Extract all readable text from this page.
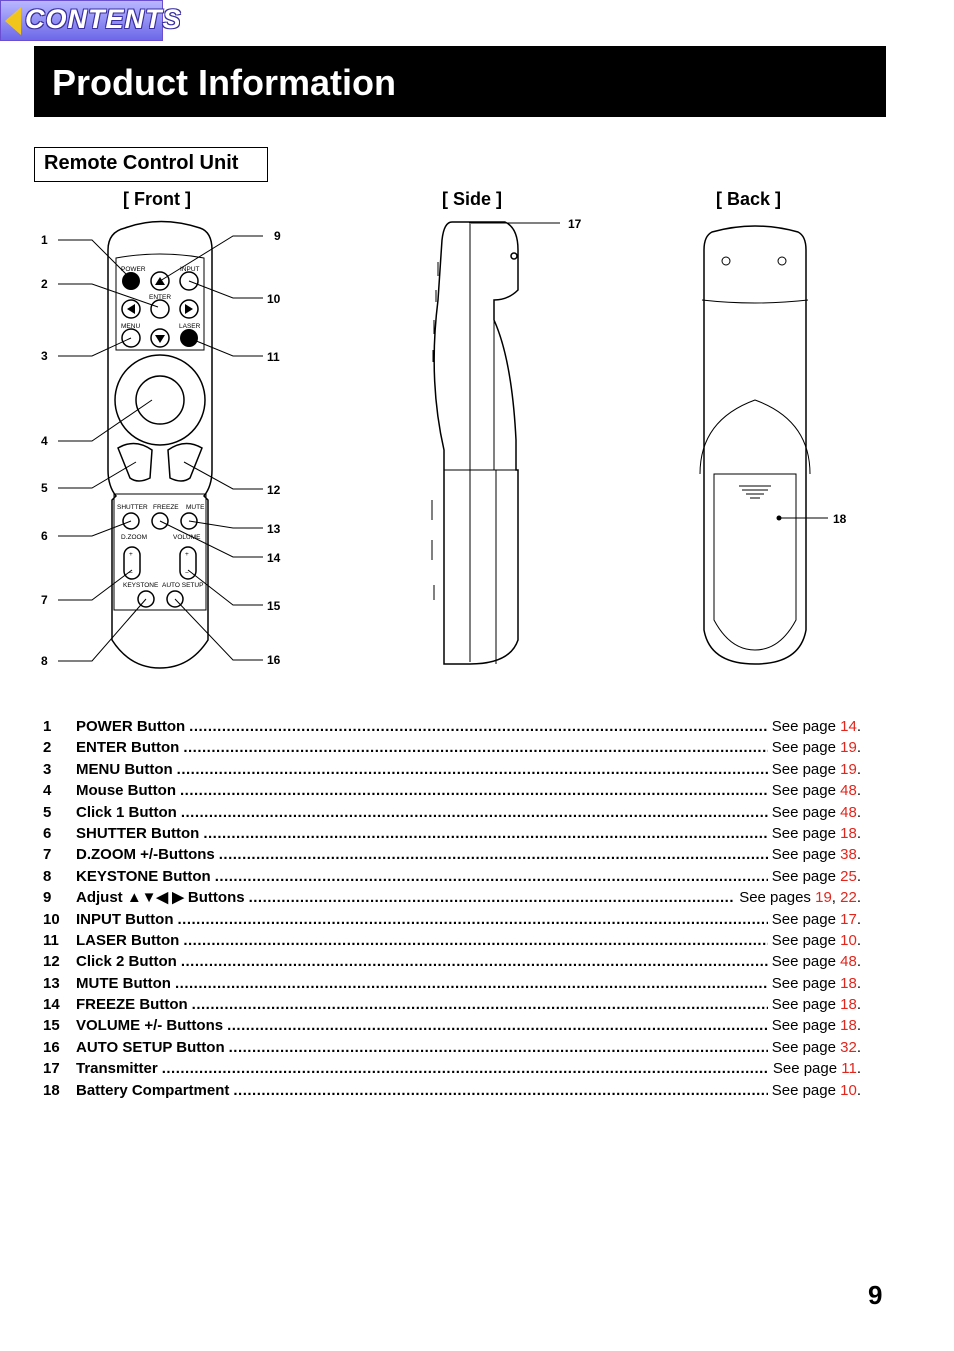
CONTENTS
Product Information
Remote Control Unit
[ Front ]	[ Side ]	[ Back ]
POWER	INPUT
ENTER
MENU	LASER
SHUTTER FREEZE MUTE
D.ZOOM	VOLUME
KEYSTONE AUTO SETUP
+	+
−	−
1
2
3
4
5
6
7
8
9
10
11
12
13
14
15
16
17
18
1	POWER Button .....	See page 14.
2	ENTER Button .....	See page 19.
3	MENU Button .....	See page 19.
4	Mouse Button .....	See page 48.
5	Click 1 Button .....	See page 48.
6	SHUTTER Button .....	See page 18.
7	D.ZOOM +/-Buttons .....	See page 38.
8	KEYSTONE Button .....	See page 25.
9	Adjust ▲▼◀ ▶ Buttons .....	See pages 19, 22.
10	INPUT Button .....	See page 17.
11	LASER Button .....	See page 10.
12	Click 2 Button .....	See page 48.
13	MUTE Button .....	See page 18.
14	FREEZE Button .....	See page 18.
15	VOLUME +/- Buttons .....	See page 18.
16	AUTO SETUP Button .....	See page 32.
17	Transmitter .....	See page 11.
18	Battery Compartment .....	See page 10.
9
